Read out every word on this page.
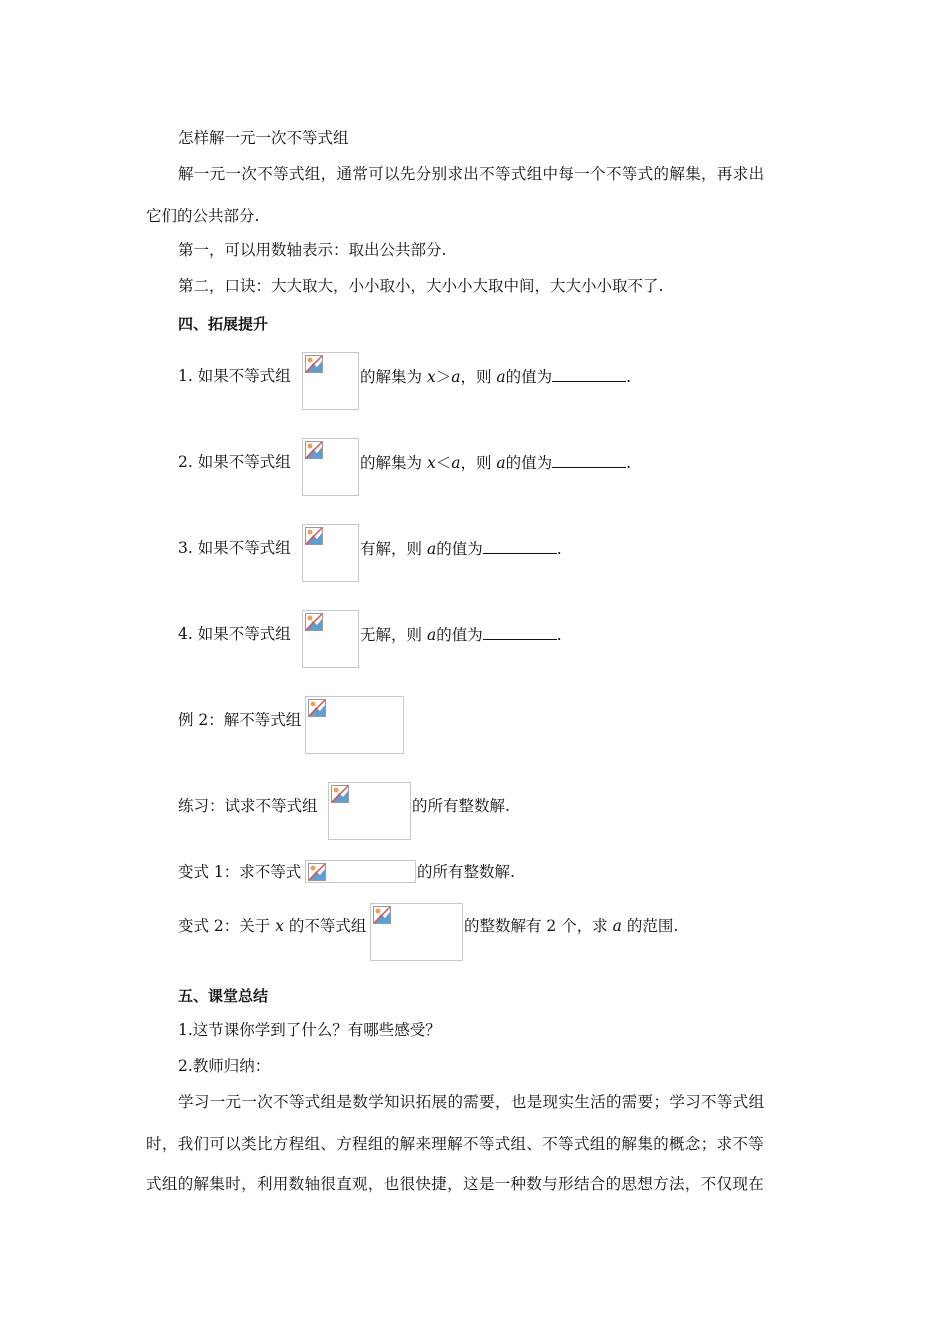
怎样解一元一次不等式组
解一元一次不等式组，通常可以先分别求出不等式组中每一个不等式的解集，再求出
它们的公共部分.
第一，可以用数轴表示：取出公共部分.
第二，口诀：大大取大，小小取小，大小小大取中间，大大小小取不了.
四、拓展提升
1. 如果不等式组	的解集为 x＞a，则 a的值为	.
2. 如果不等式组	的解集为 x＜a，则 a的值为	.
3. 如果不等式组	有解，则 a的值为	.
4. 如果不等式组	无解，则 a的值为	.
例 2：解不等式组
练习：试求不等式组	的所有整数解.
变式 1：求不等式	的所有整数解.
变式 2：关于 x 的不等式组	的整数解有 2 个，求 a 的范围.
五、课堂总结
1.这节课你学到了什么？有哪些感受？
2.教师归纳：
学习一元一次不等式组是数学知识拓展的需要，也是现实生活的需要；学习不等式组
时，我们可以类比方程组、方程组的解来理解不等式组、不等式组的解集的概念；求不等
式组的解集时，利用数轴很直观，也很快捷，这是一种数与形结合的思想方法，不仅现在
